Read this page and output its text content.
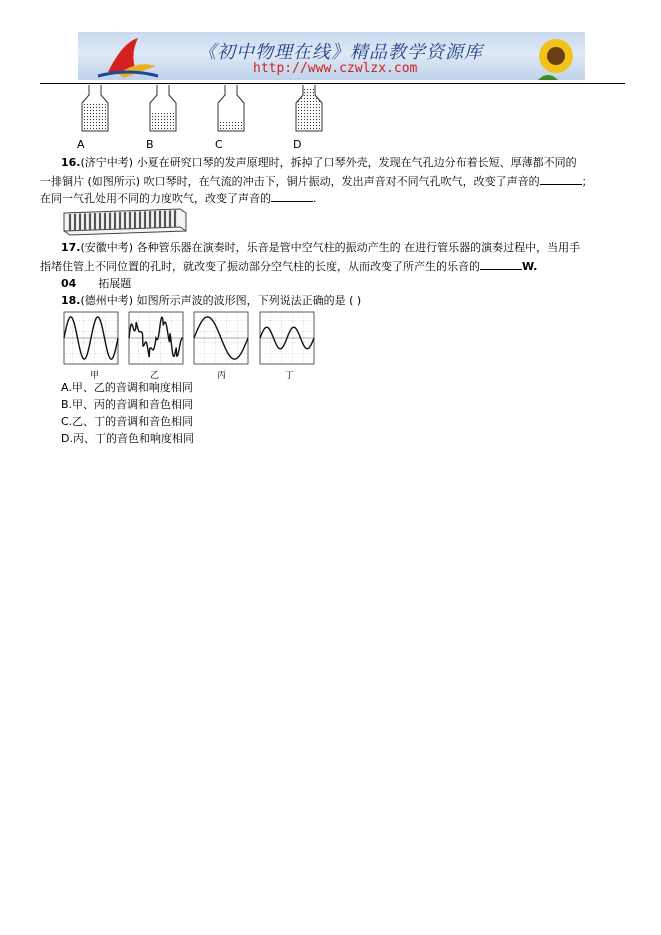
《初中物理在线》精品教学资源库
http://www.czwlzx.com
A	B	C	D
16.(济宁中考) 小夏在研究口琴的发声原理时，拆掉了口琴外壳，发现在气孔边分布着长短、厚薄都不同的
一排铜片 (如图所示) 吹口琴时，在气流的冲击下，铜片振动，发出声音对不同气孔吹气，改变了声音的	；
在同一气孔处用不同的力度吹气，改变了声音的	.
17.(安徽中考) 各种管乐器在演奏时，乐音是管中空气柱的振动产生的 在进行管乐器的演奏过程中，当用手
指堵住管上不同位置的孔时，就改变了振动部分空气柱的长度，从而改变了所产生的乐音的	W.
04 拓展题
18.(德州中考) 如图所示声波的波形图，下列说法正确的是 ( )
甲	乙	丙	丁
A.甲、乙的音调和响度相同
B.甲、丙的音调和音色相同
C.乙、丁的音调和音色相同
D.丙、丁的音色和响度相同
